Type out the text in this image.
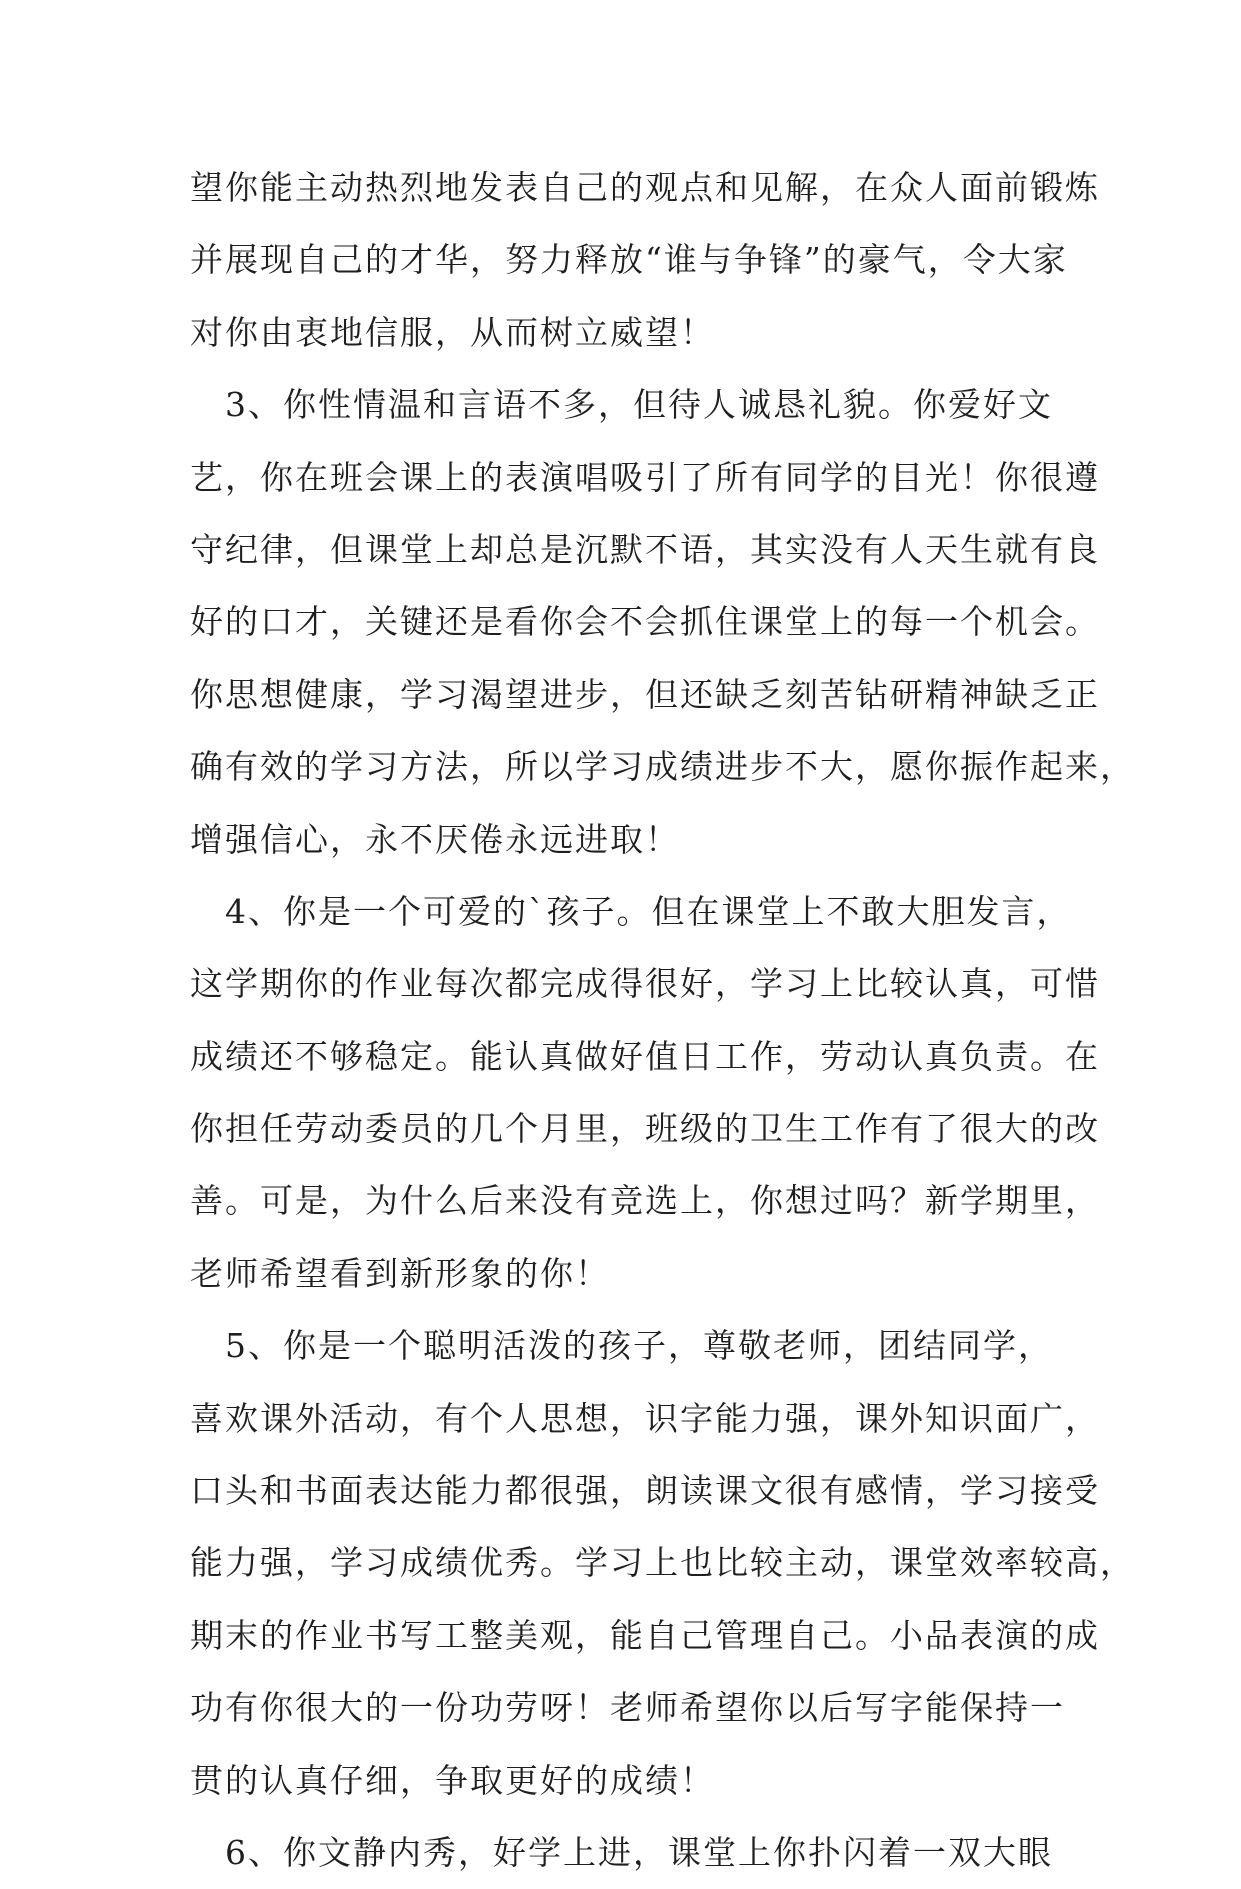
望你能主动热烈地发表自己的观点和见解，在众人面前锻炼
并展现自己的才华，努力释放“谁与争锋”的豪气，令大家
对你由衷地信服，从而树立威望！
　3、你性情温和言语不多，但待人诚恳礼貌。你爱好文
艺，你在班会课上的表演唱吸引了所有同学的目光！你很遵
守纪律，但课堂上却总是沉默不语，其实没有人天生就有良
好的口才，关键还是看你会不会抓住课堂上的每一个机会。
你思想健康，学习渴望进步，但还缺乏刻苦钻研精神缺乏正
确有效的学习方法，所以学习成绩进步不大，愿你振作起来，
增强信心，永不厌倦永远进取！
　4、你是一个可爱的`孩子。但在课堂上不敢大胆发言，
这学期你的作业每次都完成得很好，学习上比较认真，可惜
成绩还不够稳定。能认真做好值日工作，劳动认真负责。在
你担任劳动委员的几个月里，班级的卫生工作有了很大的改
善。可是，为什么后来没有竞选上，你想过吗？新学期里，
老师希望看到新形象的你！
　5、你是一个聪明活泼的孩子，尊敬老师，团结同学，
喜欢课外活动，有个人思想，识字能力强，课外知识面广，
口头和书面表达能力都很强，朗读课文很有感情，学习接受
能力强，学习成绩优秀。学习上也比较主动，课堂效率较高，
期末的作业书写工整美观，能自己管理自己。小品表演的成
功有你很大的一份功劳呀！老师希望你以后写字能保持一
贯的认真仔细，争取更好的成绩！
　6、你文静内秀，好学上进，课堂上你扑闪着一双大眼
